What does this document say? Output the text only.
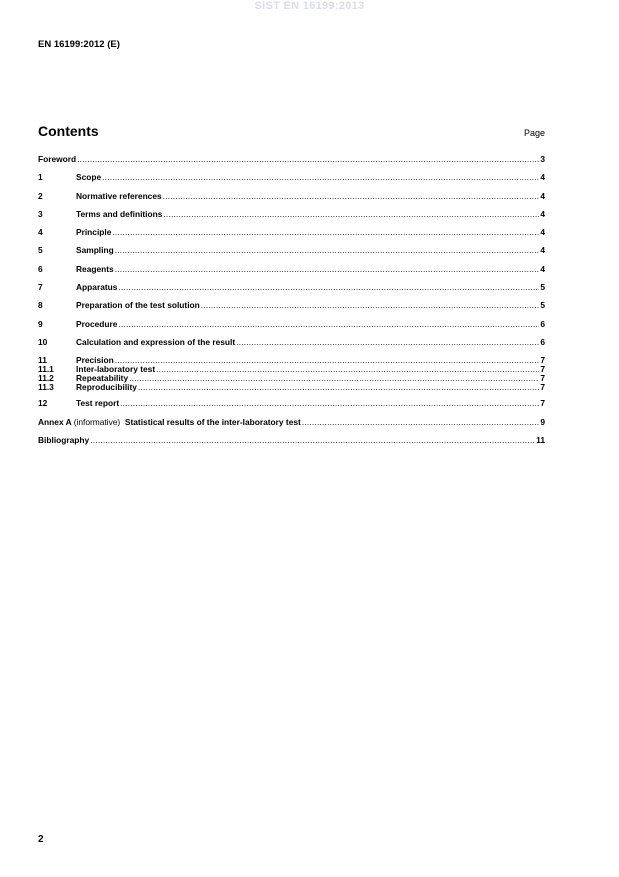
SIST EN 16199:2013
EN 16199:2012 (E)
Contents	Page
Foreword .....	3
1	Scope .....	4
2	Normative references .....	4
3	Terms and definitions .....	4
4	Principle .....	4
5	Sampling .....	4
6	Reagents .....	4
7	Apparatus .....	5
8	Preparation of the test solution .....	5
9	Procedure .....	6
10	Calculation and expression of the result .....	6
11	Precision .....	7
11.1	Inter-laboratory test .....	7
11.2	Repeatability .....	7
11.3	Reproducibility .....	7
12	Test report .....	7
Annex A (informative) Statistical results of the inter-laboratory test .....	9
Bibliography .....	11
2
